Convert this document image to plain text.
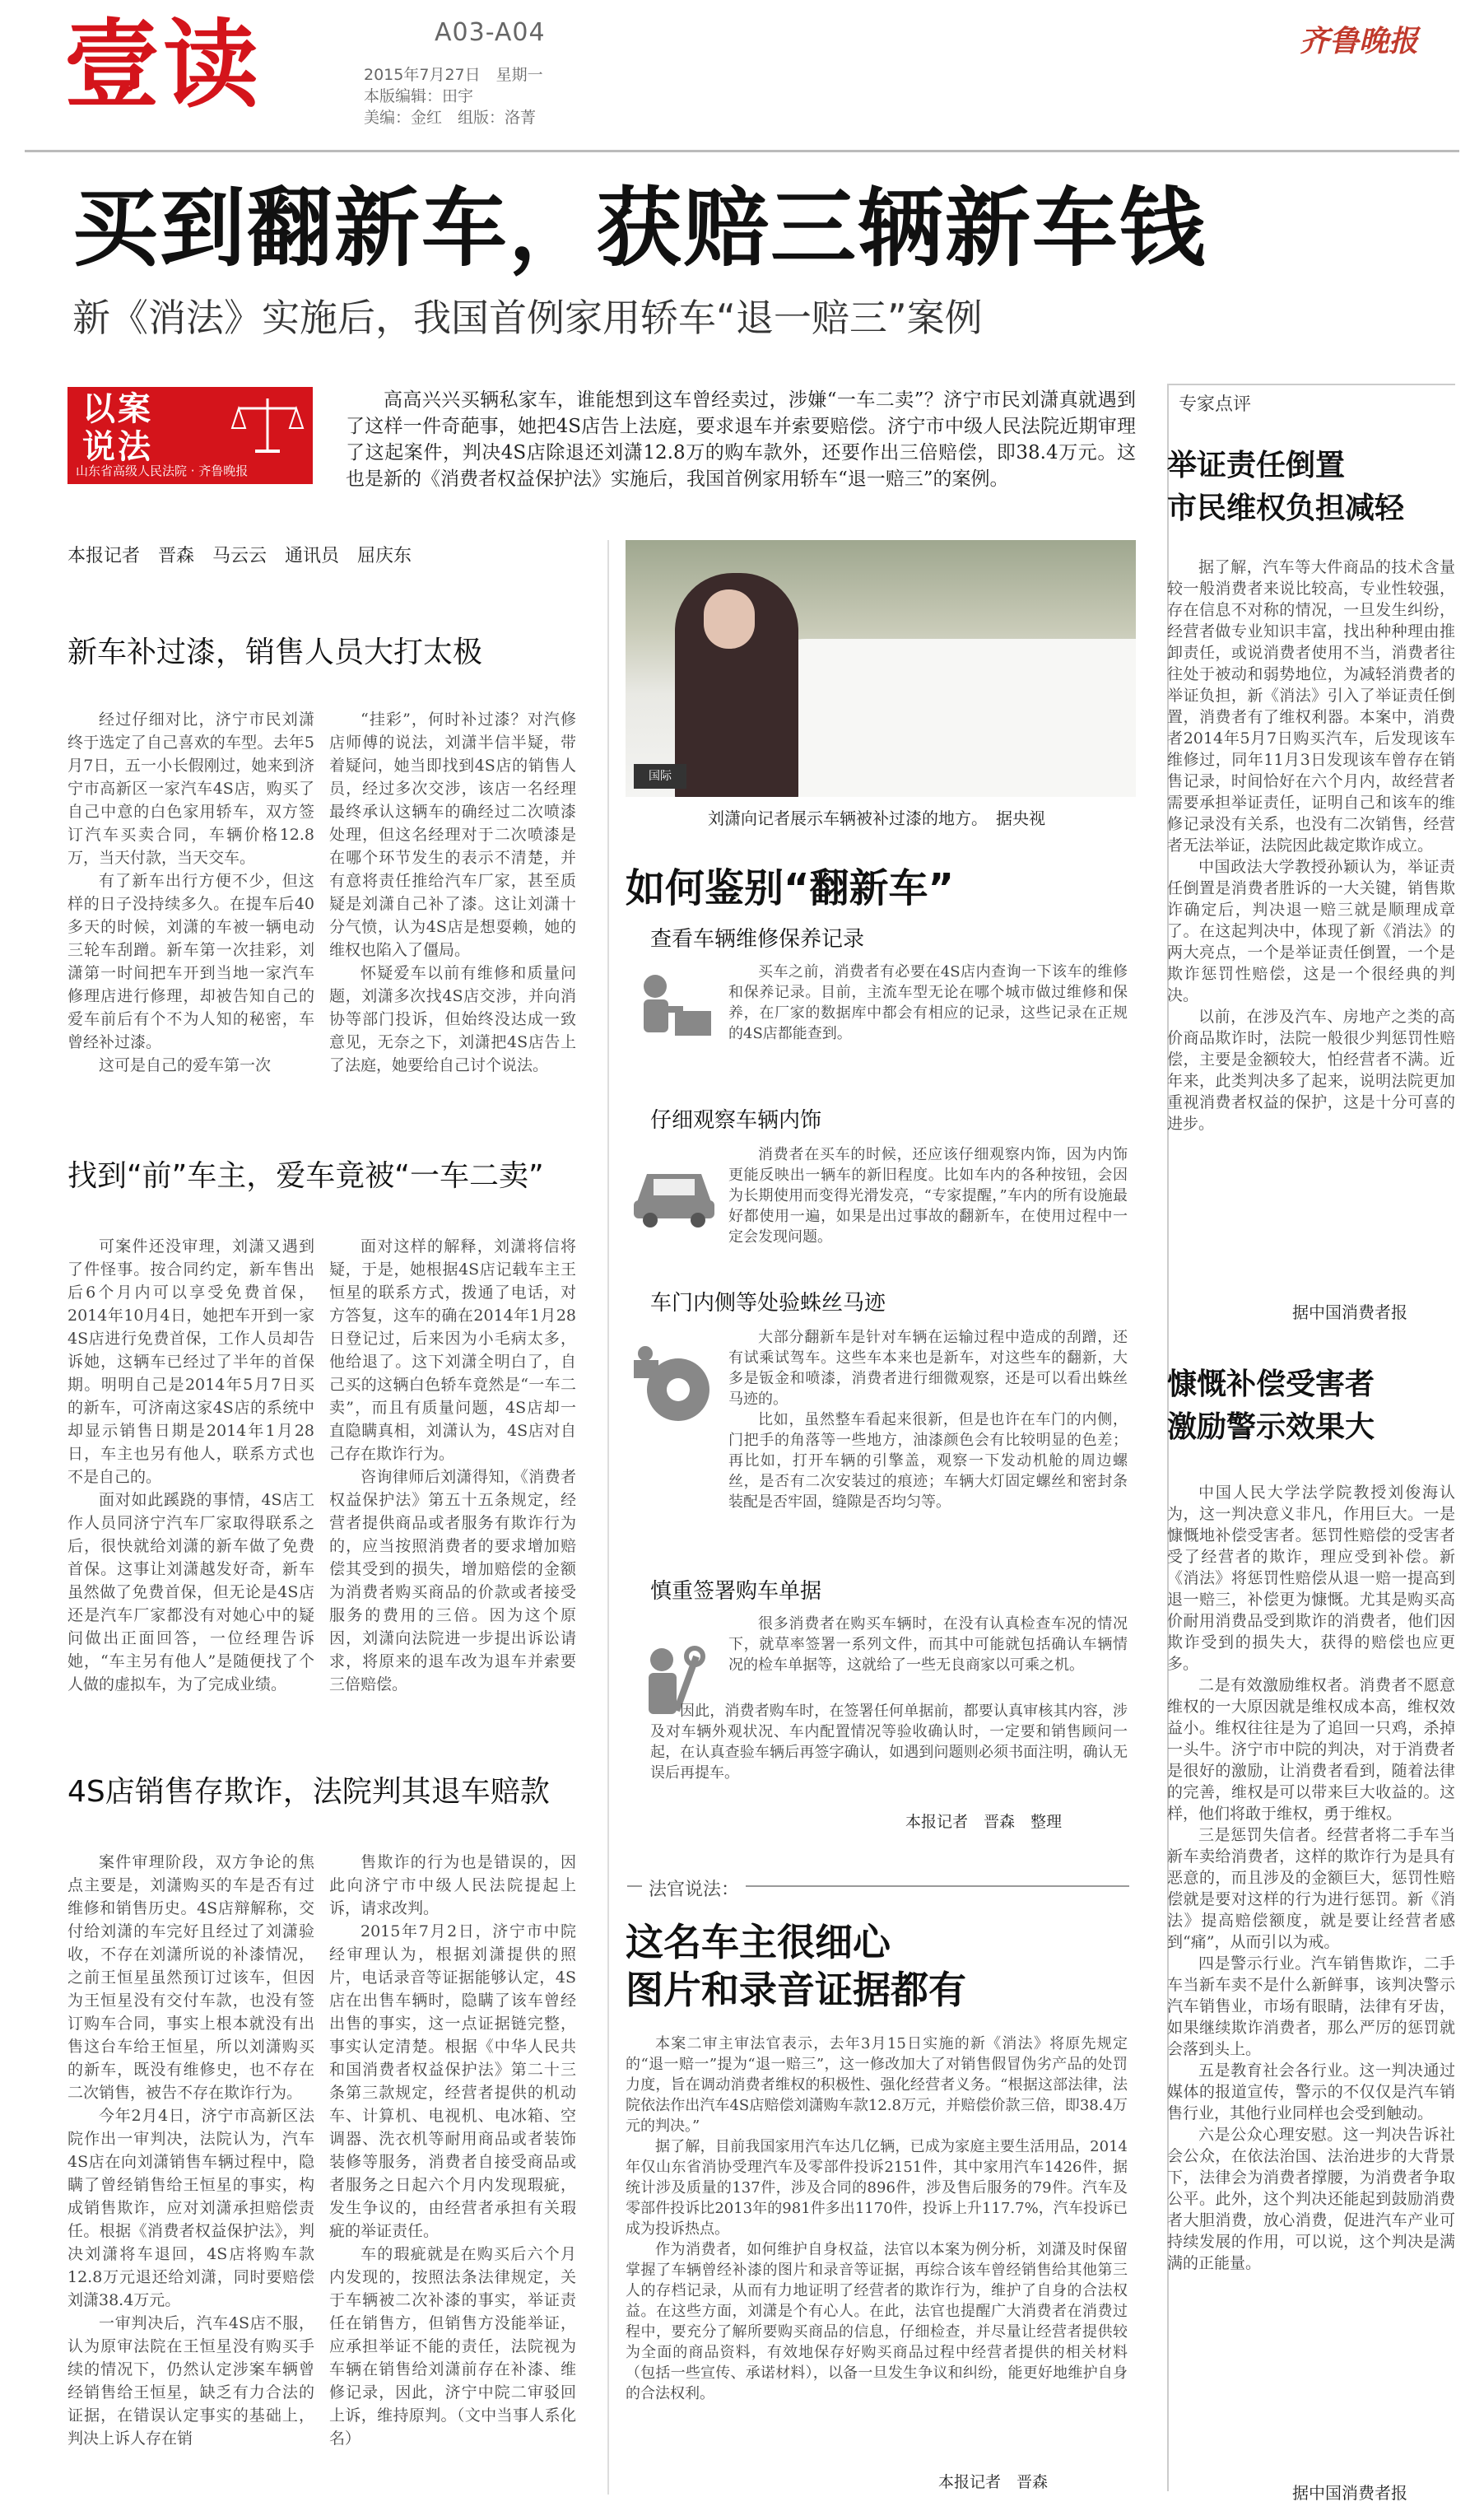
壹读	A03-A04
2015年7月27日　星期一
本版编辑：田宇
美编：金红　组版：洛菁
齐鲁晚报
买到翻新车，获赔三辆新车钱
新《消法》实施后，我国首例家用轿车“退一赔三”案例
以案
说法
山东省高级人民法院 · 齐鲁晚报
高高兴兴买辆私家车，谁能想到这车曾经卖过，涉嫌“一车二卖”？济宁市民刘潇真就遇到了这样一件奇葩事，她把4S店告上法庭，要求退车并索要赔偿。济宁市中级人民法院近期审理了这起案件，判决4S店除退还刘潇12.8万的购车款外，还要作出三倍赔偿，即38.4万元。这也是新的《消费者权益保护法》实施后，我国首例家用轿车“退一赔三”的案例。
本报记者　晋森　马云云　通讯员　屈庆东
新车补过漆，销售人员大打太极

经过仔细对比，济宁市民刘潇终于选定了自己喜欢的车型。去年5月7日，五一小长假刚过，她来到济宁市高新区一家汽车4S店，购买了自己中意的白色家用轿车，双方签订汽车买卖合同，车辆价格12.8万，当天付款，当天交车。

有了新车出行方便不少，但这样的日子没持续多久。在提车后40多天的时候，刘潇的车被一辆电动三轮车刮蹭。新车第一次挂彩，刘潇第一时间把车开到当地一家汽车修理店进行修理，却被告知自己的爱车前后有个不为人知的秘密，车曾经补过漆。

这可是自己的爱车第一次

“挂彩”，何时补过漆？对汽修店师傅的说法，刘潇半信半疑，带着疑问，她当即找到4S店的销售人员，经过多次交涉，该店一名经理最终承认这辆车的确经过二次喷漆处理，但这名经理对于二次喷漆是在哪个环节发生的表示不清楚，并有意将责任推给汽车厂家，甚至质疑是刘潇自己补了漆。这让刘潇十分气愤，认为4S店是想耍赖，她的维权也陷入了僵局。

怀疑爱车以前有维修和质量问题，刘潇多次找4S店交涉，并向消协等部门投诉，但始终没达成一致意见，无奈之下，刘潇把4S店告上了法庭，她要给自己讨个说法。

找到“前”车主，爱车竟被“一车二卖”

可案件还没审理，刘潇又遇到了件怪事。按合同约定，新车售出后6个月内可以享受免费首保，2014年10月4日，她把车开到一家4S店进行免费首保，工作人员却告诉她，这辆车已经过了半年的首保期。明明自己是2014年5月7日买的新车，可济南这家4S店的系统中却显示销售日期是2014年1月28日，车主也另有他人，联系方式也不是自己的。

面对如此蹊跷的事情，4S店工作人员同济宁汽车厂家取得联系之后，很快就给刘潇的新车做了免费首保。这事让刘潇越发好奇，新车虽然做了免费首保，但无论是4S店还是汽车厂家都没有对她心中的疑问做出正面回答，一位经理告诉她，“车主另有他人”是随便找了个人做的虚拟车，为了完成业绩。

面对这样的解释，刘潇将信将疑，于是，她根据4S店记载车主王恒星的联系方式，拨通了电话，对方答复，这车的确在2014年1月28日登记过，后来因为小毛病太多，他给退了。这下刘潇全明白了，自己买的这辆白色轿车竟然是“一车二卖”，而且有质量问题，4S店却一直隐瞒真相，刘潇认为，4S店对自己存在欺诈行为。

咨询律师后刘潇得知，《消费者权益保护法》第五十五条规定，经营者提供商品或者服务有欺诈行为的，应当按照消费者的要求增加赔偿其受到的损失，增加赔偿的金额为消费者购买商品的价款或者接受服务的费用的三倍。因为这个原因，刘潇向法院进一步提出诉讼请求，将原来的退车改为退车并索要三倍赔偿。

4S店销售存欺诈，法院判其退车赔款

案件审理阶段，双方争论的焦点主要是，刘潇购买的车是否有过维修和销售历史。4S店辩解称，交付给刘潇的车完好且经过了刘潇验收，不存在刘潇所说的补漆情况，之前王恒星虽然预订过该车，但因为王恒星没有交付车款，也没有签订购车合同，事实上根本就没有出售这台车给王恒星，所以刘潇购买的新车，既没有维修史，也不存在二次销售，被告不存在欺诈行为。

今年2月4日，济宁市高新区法院作出一审判决，法院认为，汽车4S店在向刘潇销售车辆过程中，隐瞒了曾经销售给王恒星的事实，构成销售欺诈，应对刘潇承担赔偿责任。根据《消费者权益保护法》，判决刘潇将车退回，4S店将购车款12.8万元退还给刘潇，同时要赔偿刘潇38.4万元。

一审判决后，汽车4S店不服，认为原审法院在王恒星没有购买手续的情况下，仍然认定涉案车辆曾经销售给王恒星，缺乏有力合法的证据，在错误认定事实的基础上，判决上诉人存在销

售欺诈的行为也是错误的，因此向济宁市中级人民法院提起上诉，请求改判。

2015年7月2日，济宁市中院经审理认为，根据刘潇提供的照片，电话录音等证据能够认定，4S店在出售车辆时，隐瞒了该车曾经出售的事实，这一点证据链完整，事实认定清楚。根据《中华人民共和国消费者权益保护法》第二十三条第三款规定，经营者提供的机动车、计算机、电视机、电冰箱、空调器、洗衣机等耐用商品或者装饰装修等服务，消费者自接受商品或者服务之日起六个月内发现瑕疵，发生争议的，由经营者承担有关瑕疵的举证责任。

车的瑕疵就是在购买后六个月内发现的，按照法条法律规定，关于车辆被二次补漆的事实，举证责任在销售方，但销售方没能举证，应承担举证不能的责任，法院视为车辆在销售给刘潇前存在补漆、维修记录，因此，济宁中院二审驳回上诉，维持原判。（文中当事人系化名）

国际
刘潇向记者展示车辆被补过漆的地方。　据央视
如何鉴别“翻新车”
查看车辆维修保养记录

买车之前，消费者有必要在4S店内查询一下该车的维修和保养记录。目前，主流车型无论在哪个城市做过维修和保养，在厂家的数据库中都会有相应的记录，这些记录在正规的4S店都能查到。

仔细观察车辆内饰

消费者在买车的时候，还应该仔细观察内饰，因为内饰更能反映出一辆车的新旧程度。比如车内的各种按钮，会因为长期使用而变得光滑发亮，“专家提醒，”车内的所有设施最好都使用一遍，如果是出过事故的翻新车，在使用过程中一定会发现问题。

车门内侧等处验蛛丝马迹

大部分翻新车是针对车辆在运输过程中造成的刮蹭，还有试乘试驾车。这些车本来也是新车，对这些车的翻新，大多是钣金和喷漆，消费者进行细微观察，还是可以看出蛛丝马迹的。

比如，虽然整车看起来很新，但是也许在车门的内侧，门把手的角落等一些地方，油漆颜色会有比较明显的色差；再比如，打开车辆的引擎盖，观察一下发动机舱的周边螺丝，是否有二次安装过的痕迹；车辆大灯固定螺丝和密封条装配是否牢固，缝隙是否均匀等。

慎重签署购车单据

很多消费者在购买车辆时，在没有认真检查车况的情况下，就草率签署一系列文件，而其中可能就包括确认车辆情况的检车单据等，这就给了一些无良商家以可乘之机。

因此，消费者购车时，在签署任何单据前，都要认真审核其内容，涉及对车辆外观状况、车内配置情况等验收确认时，一定要和销售顾问一起，在认真查验车辆后再签字确认，如遇到问题则必须书面注明，确认无误后再提车。

本报记者　晋森　整理
法官说法：
这名车主很细心
图片和录音证据都有

本案二审主审法官表示，去年3月15日实施的新《消法》将原先规定的“退一赔一”提为“退一赔三”，这一修改加大了对销售假冒伪劣产品的处罚力度，旨在调动消费者维权的积极性、强化经营者义务。“根据这部法律，法院依法作出汽车4S店赔偿刘潇购车款12.8万元，并赔偿价款三倍，即38.4万元的判决。”

据了解，目前我国家用汽车达几亿辆，已成为家庭主要生活用品，2014年仅山东省消协受理汽车及零部件投诉2151件，其中家用汽车1426件，据统计涉及质量的137件，涉及合同的896件，涉及售后服务的79件。汽车及零部件投诉比2013年的981件多出1170件，投诉上升117.7%，汽车投诉已成为投诉热点。

作为消费者，如何维护自身权益，法官以本案为例分析，刘潇及时保留掌握了车辆曾经补漆的图片和录音等证据，再综合该车曾经销售给其他第三人的存档记录，从而有力地证明了经营者的欺诈行为，维护了自身的合法权益。在这些方面，刘潇是个有心人。在此，法官也提醒广大消费者在消费过程中，要充分了解所要购买商品的信息，仔细检查，并尽量让经营者提供较为全面的商品资料，有效地保存好购买商品过程中经营者提供的相关材料（包括一些宣传、承诺材料），以备一旦发生争议和纠纷，能更好地维护自身的合法权利。

本报记者　晋森
专家点评
举证责任倒置
市民维权负担减轻

据了解，汽车等大件商品的技术含量较一般消费者来说比较高，专业性较强，存在信息不对称的情况，一旦发生纠纷，经营者做专业知识丰富，找出种种理由推卸责任，或说消费者使用不当，消费者往往处于被动和弱势地位，为减轻消费者的举证负担，新《消法》引入了举证责任倒置，消费者有了维权利器。本案中，消费者2014年5月7日购买汽车，后发现该车维修过，同年11月3日发现该车曾存在销售记录，时间恰好在六个月内，故经营者需要承担举证责任，证明自己和该车的维修记录没有关系，也没有二次销售，经营者无法举证，法院因此裁定欺诈成立。

中国政法大学教授孙颖认为，举证责任倒置是消费者胜诉的一大关键，销售欺诈确定后，判决退一赔三就是顺理成章了。在这起判决中，体现了新《消法》的两大亮点，一个是举证责任倒置，一个是欺诈惩罚性赔偿，这是一个很经典的判决。

以前，在涉及汽车、房地产之类的高价商品欺诈时，法院一般很少判惩罚性赔偿，主要是金额较大，怕经营者不满。近年来，此类判决多了起来，说明法院更加重视消费者权益的保护，这是十分可喜的进步。

据中国消费者报
慷慨补偿受害者
激励警示效果大

中国人民大学法学院教授刘俊海认为，这一判决意义非凡，作用巨大。一是慷慨地补偿受害者。惩罚性赔偿的受害者受了经营者的欺诈，理应受到补偿。新《消法》将惩罚性赔偿从退一赔一提高到退一赔三，补偿更为慷慨。尤其是购买高价耐用消费品受到欺诈的消费者，他们因欺诈受到的损失大，获得的赔偿也应更多。

二是有效激励维权者。消费者不愿意维权的一大原因就是维权成本高，维权效益小。维权往往是为了追回一只鸡，杀掉一头牛。济宁市中院的判决，对于消费者是很好的激励，让消费者看到，随着法律的完善，维权是可以带来巨大收益的。这样，他们将敢于维权，勇于维权。

三是惩罚失信者。经营者将二手车当新车卖给消费者，这样的欺诈行为是具有恶意的，而且涉及的金额巨大，惩罚性赔偿就是要对这样的行为进行惩罚。新《消法》提高赔偿额度，就是要让经营者感到“痛”，从而引以为戒。

四是警示行业。汽车销售欺诈，二手车当新车卖不是什么新鲜事，该判决警示汽车销售业，市场有眼睛，法律有牙齿，如果继续欺诈消费者，那么严厉的惩罚就会落到头上。

五是教育社会各行业。这一判决通过媒体的报道宣传，警示的不仅仅是汽车销售行业，其他行业同样也会受到触动。

六是公众心理安慰。这一判决告诉社会公众，在依法治国、法治进步的大背景下，法律会为消费者撑腰，为消费者争取公平。此外，这个判决还能起到鼓励消费者大胆消费，放心消费，促进汽车产业可持续发展的作用，可以说，这个判决是满满的正能量。

据中国消费者报
